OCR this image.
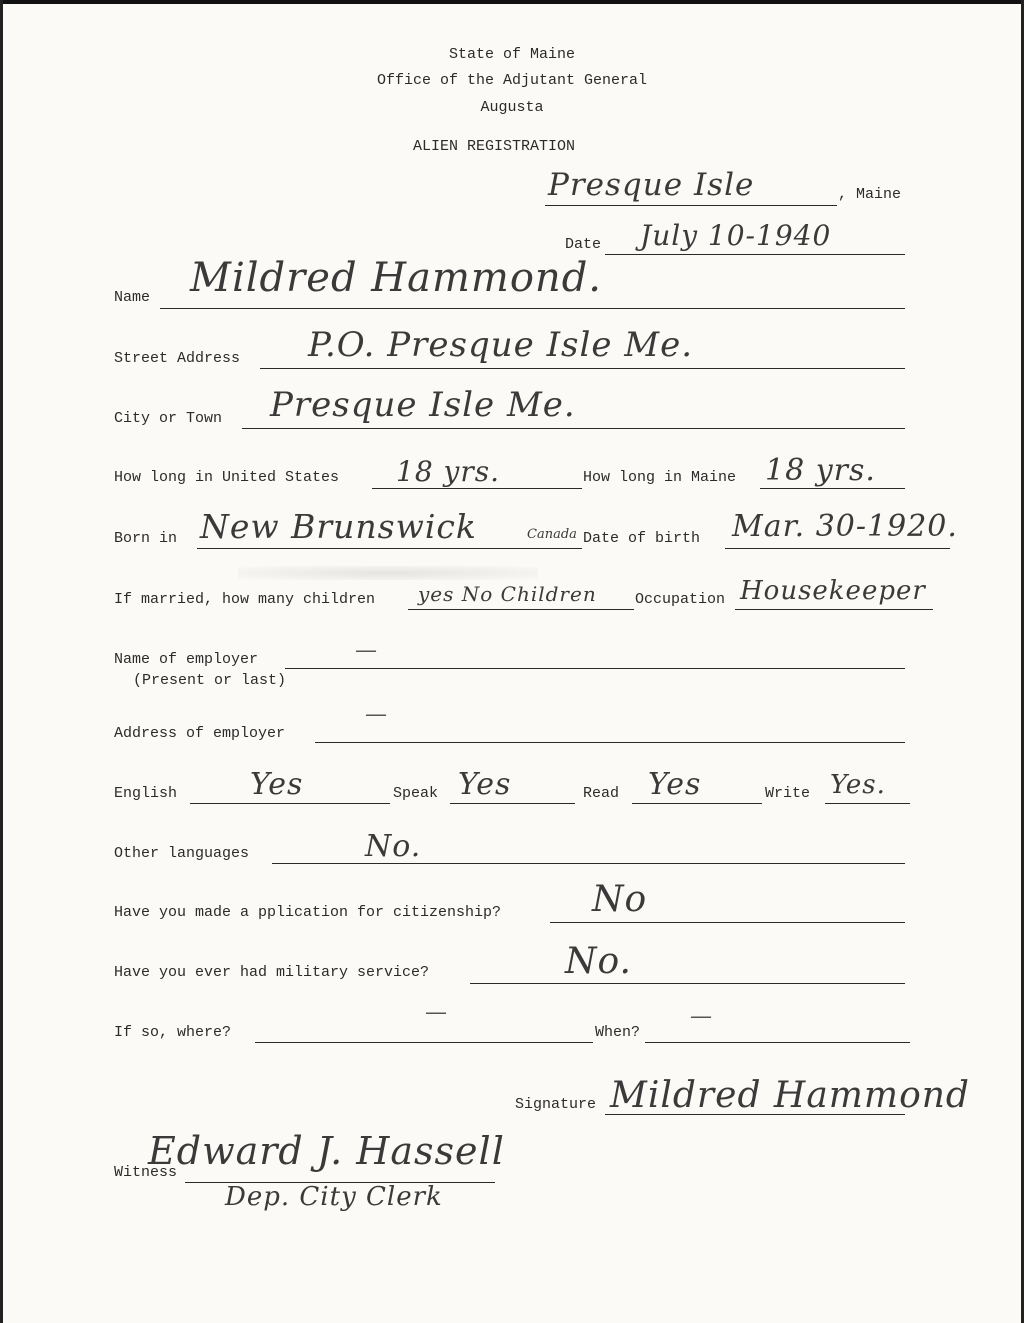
State of Maine
Office of the Adjutant General
Augusta
ALIEN REGISTRATION
Presque Isle	, Maine
Date July 10-1940
Name Mildred Hammond.
Street Address P.O. Presque Isle Me.
City or Town Presque Isle Me.
How long in United States 18 yrs.	How long in Maine 18 yrs.
Born in New Brunswick	Canada Date of birth Mar. 30-1920.
If married, how many children yes No Children	Occupation Housekeeper
Name of employer
(Present or last)
—
Address of employer
—
English Yes	Speak Yes	Read Yes	Write Yes.
Other languages	No.
Have you made a pplication for citizenship?	No
Have you ever had military service?	No.
If so, where?
—
When?
—
Signature Mildred Hammond
Witness
Edward J. Hassell
Dep. City Clerk
